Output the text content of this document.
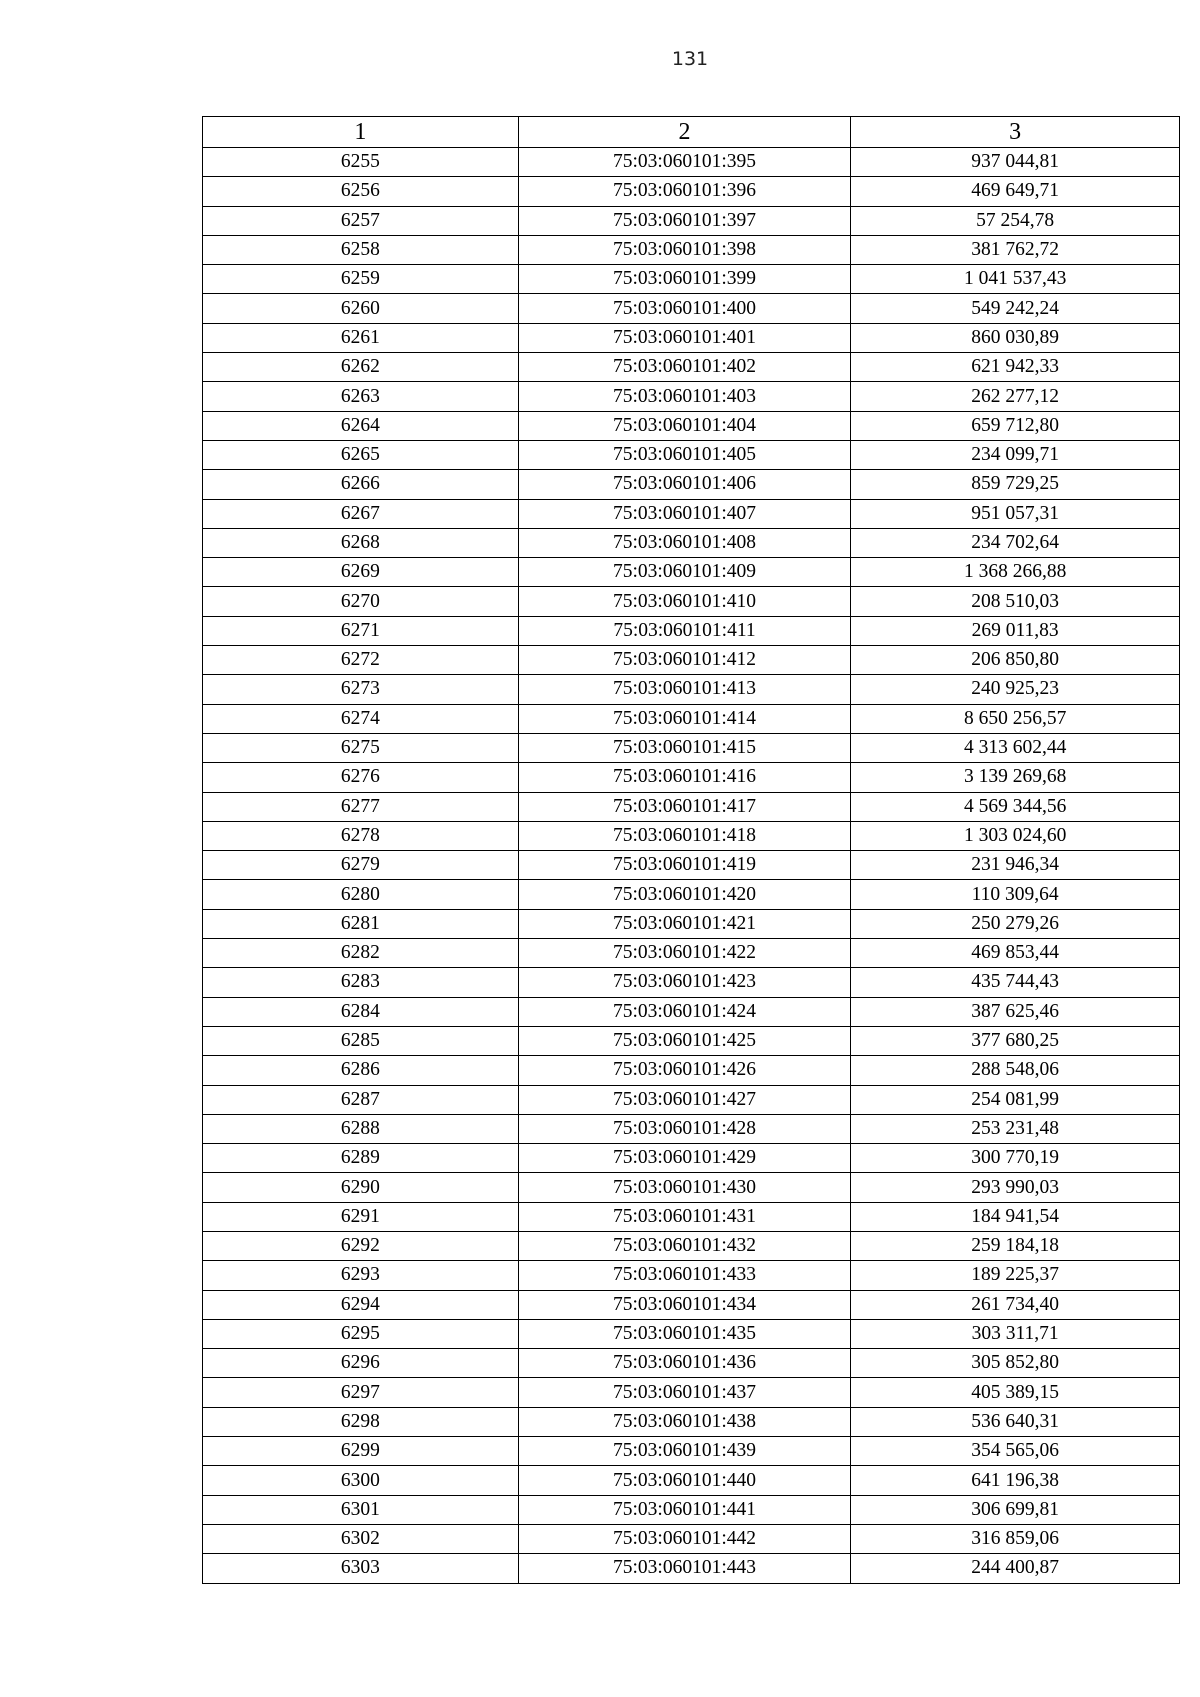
131
1	2	3
6255	75:03:060101:395	937 044,81
6256	75:03:060101:396	469 649,71
6257	75:03:060101:397	57 254,78
6258	75:03:060101:398	381 762,72
6259	75:03:060101:399	1 041 537,43
6260	75:03:060101:400	549 242,24
6261	75:03:060101:401	860 030,89
6262	75:03:060101:402	621 942,33
6263	75:03:060101:403	262 277,12
6264	75:03:060101:404	659 712,80
6265	75:03:060101:405	234 099,71
6266	75:03:060101:406	859 729,25
6267	75:03:060101:407	951 057,31
6268	75:03:060101:408	234 702,64
6269	75:03:060101:409	1 368 266,88
6270	75:03:060101:410	208 510,03
6271	75:03:060101:411	269 011,83
6272	75:03:060101:412	206 850,80
6273	75:03:060101:413	240 925,23
6274	75:03:060101:414	8 650 256,57
6275	75:03:060101:415	4 313 602,44
6276	75:03:060101:416	3 139 269,68
6277	75:03:060101:417	4 569 344,56
6278	75:03:060101:418	1 303 024,60
6279	75:03:060101:419	231 946,34
6280	75:03:060101:420	110 309,64
6281	75:03:060101:421	250 279,26
6282	75:03:060101:422	469 853,44
6283	75:03:060101:423	435 744,43
6284	75:03:060101:424	387 625,46
6285	75:03:060101:425	377 680,25
6286	75:03:060101:426	288 548,06
6287	75:03:060101:427	254 081,99
6288	75:03:060101:428	253 231,48
6289	75:03:060101:429	300 770,19
6290	75:03:060101:430	293 990,03
6291	75:03:060101:431	184 941,54
6292	75:03:060101:432	259 184,18
6293	75:03:060101:433	189 225,37
6294	75:03:060101:434	261 734,40
6295	75:03:060101:435	303 311,71
6296	75:03:060101:436	305 852,80
6297	75:03:060101:437	405 389,15
6298	75:03:060101:438	536 640,31
6299	75:03:060101:439	354 565,06
6300	75:03:060101:440	641 196,38
6301	75:03:060101:441	306 699,81
6302	75:03:060101:442	316 859,06
6303	75:03:060101:443	244 400,87
